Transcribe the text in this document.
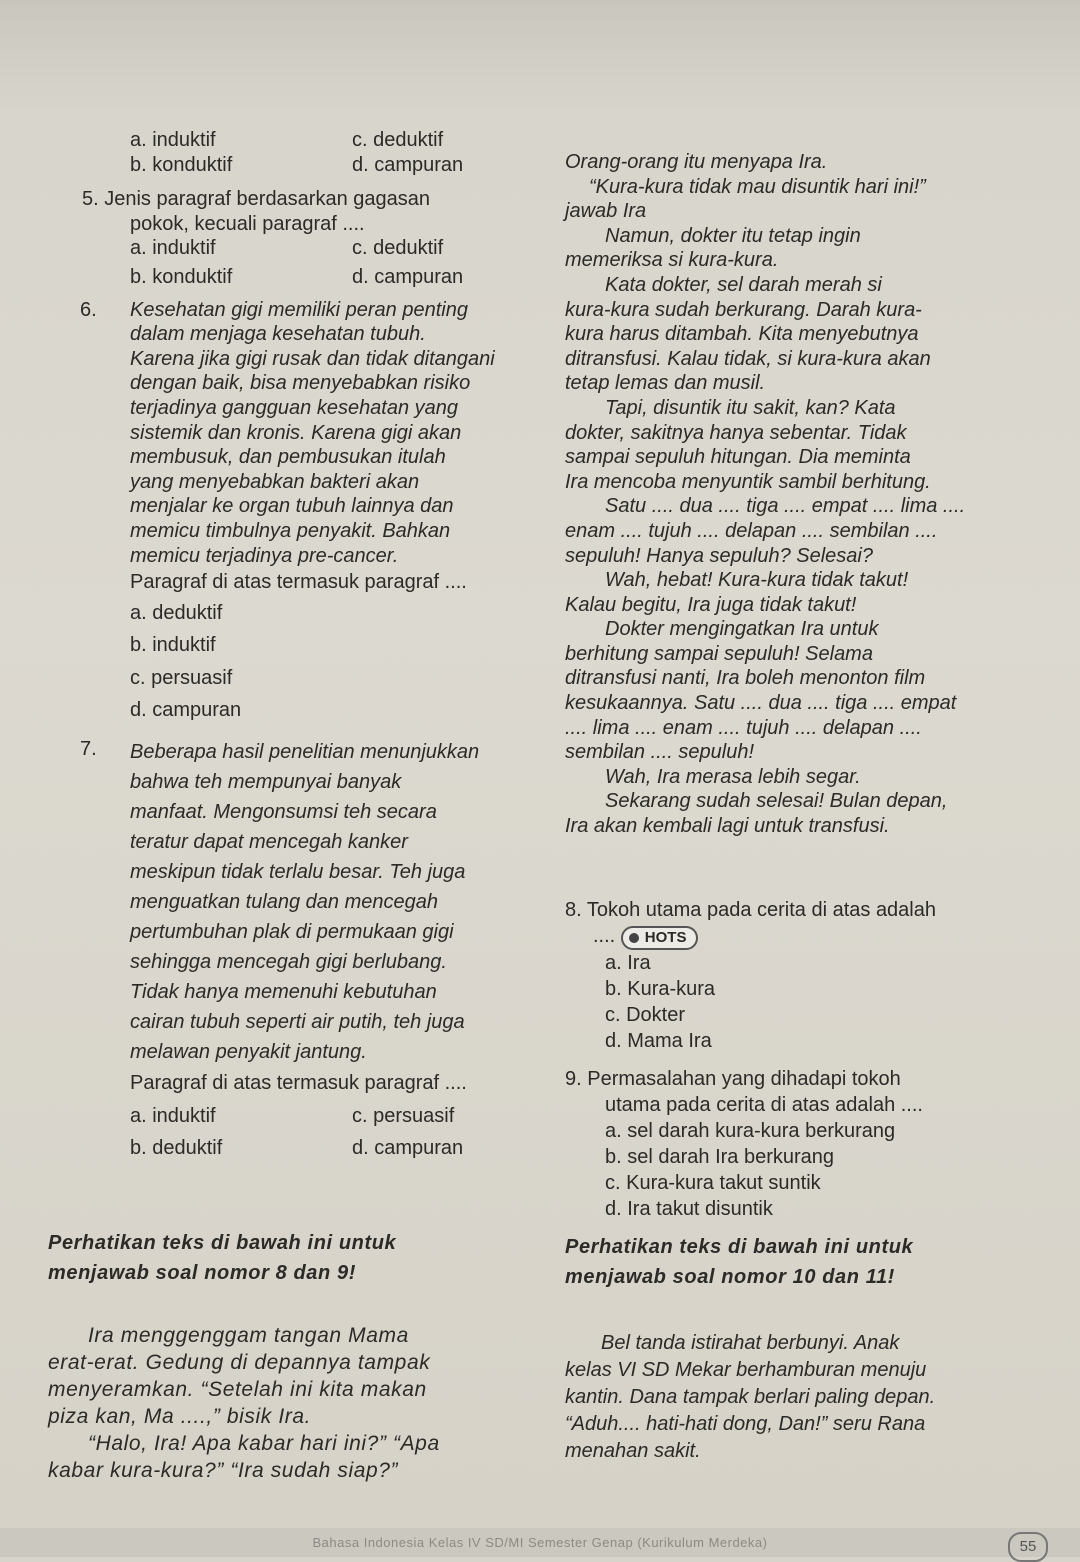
a. induktif	c. deduktif
b. konduktif	d. campuran
5. Jenis paragraf berdasarkan gagasan
pokok, kecuali paragraf ....
a. induktif	c. deduktif
b. konduktif	d. campuran
6. Kesehatan gigi memiliki peran penting

dalam menjaga kesehatan tubuh.

Karena jika gigi rusak dan tidak ditangani

dengan baik, bisa menyebabkan risiko

terjadinya gangguan kesehatan yang

sistemik dan kronis. Karena gigi akan

membusuk, dan pembusukan itulah

yang menyebabkan bakteri akan

menjalar ke organ tubuh lainnya dan

memicu timbulnya penyakit. Bahkan

memicu terjadinya pre-cancer.

Paragraf di atas termasuk paragraf ....
a. deduktif
b. induktif
c. persuasif
d. campuran
7. Beberapa hasil penelitian menunjukkan

bahwa teh mempunyai banyak

manfaat. Mengonsumsi teh secara

teratur dapat mencegah kanker

meskipun tidak terlalu besar. Teh juga

menguatkan tulang dan mencegah

pertumbuhan plak di permukaan gigi

sehingga mencegah gigi berlubang.

Tidak hanya memenuhi kebutuhan

cairan tubuh seperti air putih, teh juga

melawan penyakit jantung.

Paragraf di atas termasuk paragraf ....
a. induktif	c. persuasif
b. deduktif	d. campuran
Perhatikan teks di bawah ini untuk
menjawab soal nomor 8 dan 9!
Ira menggenggam tangan Mama
erat-erat. Gedung di depannya tampak
menyeramkan. “Setelah ini kita makan
piza kan, Ma ....,” bisik Ira.
“Halo, Ira! Apa kabar hari ini?” “Apa
kabar kura-kura?” “Ira sudah siap?”
Orang-orang itu menyapa Ira.
“Kura-kura tidak mau disuntik hari ini!”
jawab Ira
Namun, dokter itu tetap ingin
memeriksa si kura-kura.
Kata dokter, sel darah merah si
kura-kura sudah berkurang. Darah kura-
kura harus ditambah. Kita menyebutnya
ditransfusi. Kalau tidak, si kura-kura akan
tetap lemas dan musil.
Tapi, disuntik itu sakit, kan? Kata
dokter, sakitnya hanya sebentar. Tidak
sampai sepuluh hitungan. Dia meminta
Ira mencoba menyuntik sambil berhitung.
Satu .... dua .... tiga .... empat .... lima ....
enam .... tujuh .... delapan .... sembilan ....
sepuluh! Hanya sepuluh? Selesai?
Wah, hebat! Kura-kura tidak takut!
Kalau begitu, Ira juga tidak takut!
Dokter mengingatkan Ira untuk
berhitung sampai sepuluh! Selama
ditransfusi nanti, Ira boleh menonton film
kesukaannya. Satu .... dua .... tiga .... empat
.... lima .... enam .... tujuh .... delapan ....
sembilan .... sepuluh!
Wah, Ira merasa lebih segar.
Sekarang sudah selesai! Bulan depan,
Ira akan kembali lagi untuk transfusi.
8. Tokoh utama pada cerita di atas adalah
.... HOTS
a. Ira
b. Kura-kura
c. Dokter
d. Mama Ira
9. Permasalahan yang dihadapi tokoh
utama pada cerita di atas adalah ....
a. sel darah kura-kura berkurang
b. sel darah Ira berkurang
c. Kura-kura takut suntik
d. Ira takut disuntik
Perhatikan teks di bawah ini untuk
menjawab soal nomor 10 dan 11!
Bel tanda istirahat berbunyi. Anak
kelas VI SD Mekar berhamburan menuju
kantin. Dana tampak berlari paling depan.
“Aduh.... hati-hati dong, Dan!” seru Rana
menahan sakit.
Bahasa Indonesia Kelas IV SD/MI Semester Genap (Kurikulum Merdeka)	55
